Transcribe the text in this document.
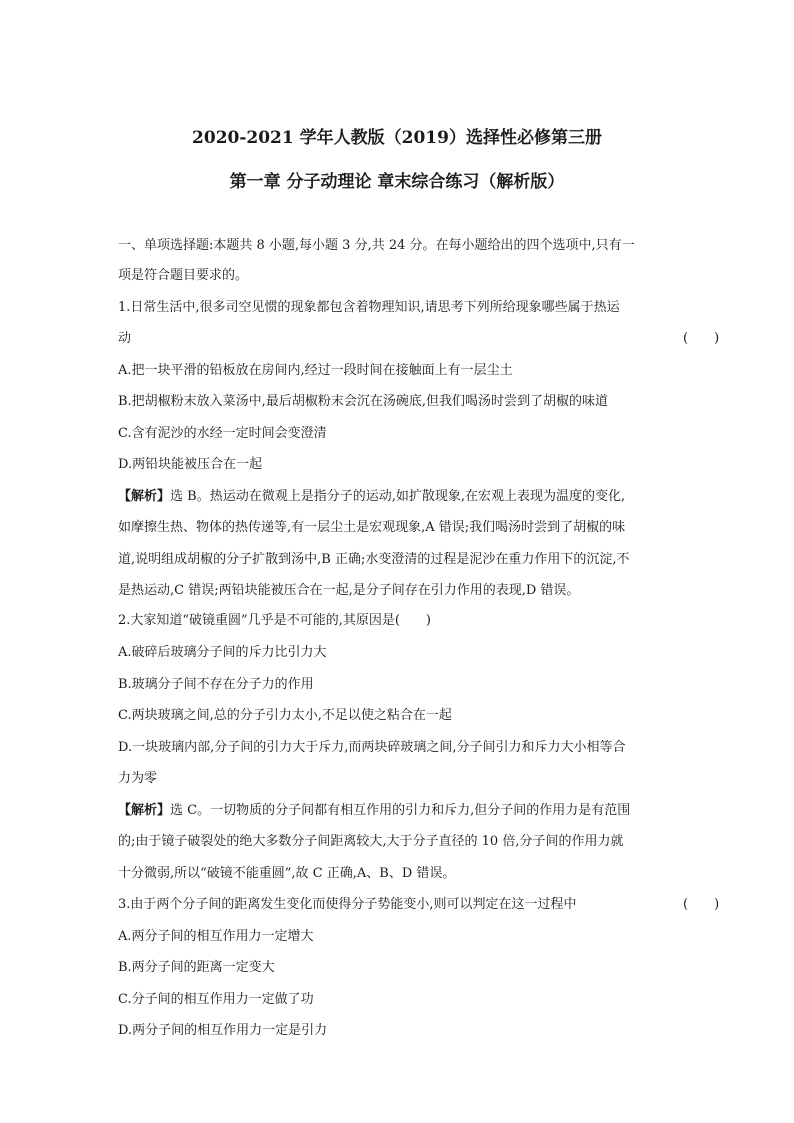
2020-2021 学年人教版（2019）选择性必修第三册
第一章 分子动理论 章末综合练习（解析版）
一、单项选择题:本题共 8 小题,每小题 3 分,共 24 分。在每小题给出的四个选项中,只有一
项是符合题目要求的。
1.日常生活中,很多司空见惯的现象都包含着物理知识,请思考下列所给现象哪些属于热运
动	(　　)
A.把一块平滑的铅板放在房间内,经过一段时间在接触面上有一层尘土
B.把胡椒粉末放入菜汤中,最后胡椒粉末会沉在汤碗底,但我们喝汤时尝到了胡椒的味道
C.含有泥沙的水经一定时间会变澄清
D.两铅块能被压合在一起
【解析】选 B。热运动在微观上是指分子的运动,如扩散现象,在宏观上表现为温度的变化,
如摩擦生热、物体的热传递等,有一层尘土是宏观现象,A 错误;我们喝汤时尝到了胡椒的味
道,说明组成胡椒的分子扩散到汤中,B 正确;水变澄清的过程是泥沙在重力作用下的沉淀,不
是热运动,C 错误;两铅块能被压合在一起,是分子间存在引力作用的表现,D 错误。
2.大家知道“破镜重圆”几乎是不可能的,其原因是(　　)
A.破碎后玻璃分子间的斥力比引力大
B.玻璃分子间不存在分子力的作用
C.两块玻璃之间,总的分子引力太小,不足以使之粘合在一起
D.一块玻璃内部,分子间的引力大于斥力,而两块碎玻璃之间,分子间引力和斥力大小相等合
力为零
【解析】选 C。一切物质的分子间都有相互作用的引力和斥力,但分子间的作用力是有范围
的;由于镜子破裂处的绝大多数分子间距离较大,大于分子直径的 10 倍,分子间的作用力就
十分微弱,所以“破镜不能重圆”,故 C 正确,A、B、D 错误。
3.由于两个分子间的距离发生变化而使得分子势能变小,则可以判定在这一过程中	(　　)
A.两分子间的相互作用力一定增大
B.两分子间的距离一定变大
C.分子间的相互作用力一定做了功
D.两分子间的相互作用力一定是引力
